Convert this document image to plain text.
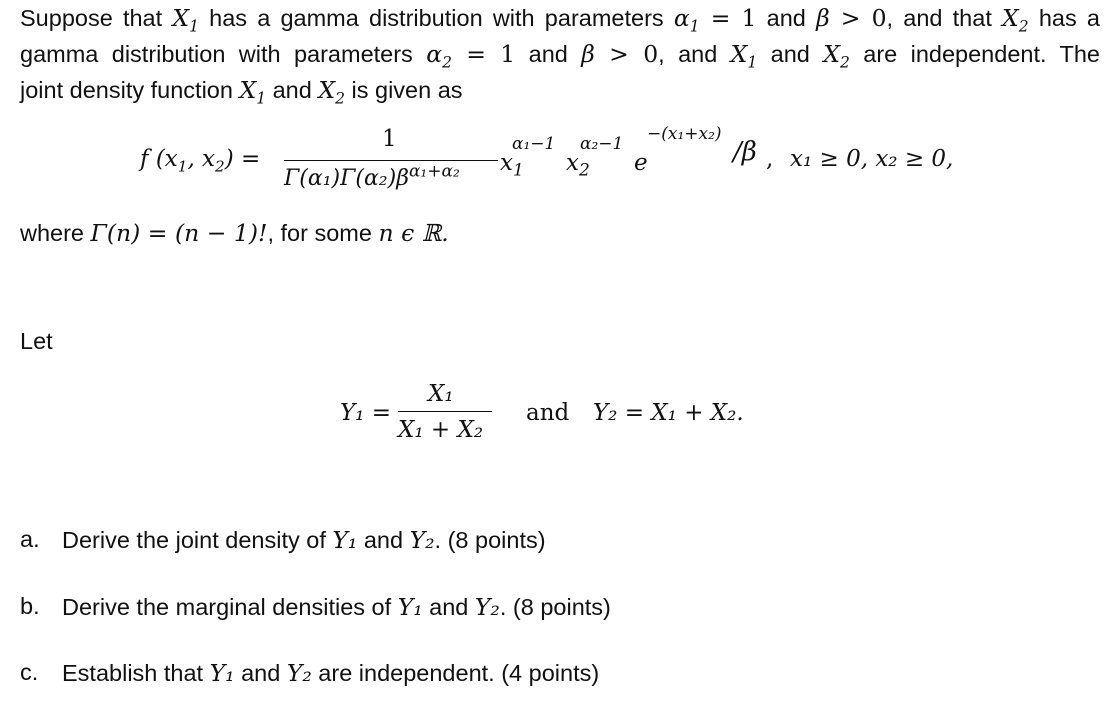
Suppose that $X_1$ has a gamma distribution with parameters $\alpha_1 = 1$ and β > 0, and that $X_2$ has a

gamma distribution with parameters $\alpha_2 = 1$ and β > 0, and $X_1$ and $X_2$ are independent. The

joint density function $X_1$ and $X_2$ is given as

f ($x_1$, $x_2$) =
1
$\Gamma(\alpha_1)\Gamma(\alpha_2)\beta^{\alpha_1+\alpha_2}$ $x_1$
α₁−1
$x_2$
α₂−1
e
−(x₁+x₂)
/β , x₁ ≥ 0, x₂ ≥ 0,
where Γ(n) = (n − 1)!, for some n ϵ ℝ.
Let
Y₁ =
X₁
X₁ + X₂
and Y₂ = X₁ + X₂.
a. Derive the joint density of Y₁ and Y₂. (8 points)
b. Derive the marginal densities of Y₁ and Y₂. (8 points)
c. Establish that Y₁ and Y₂ are independent. (4 points)
